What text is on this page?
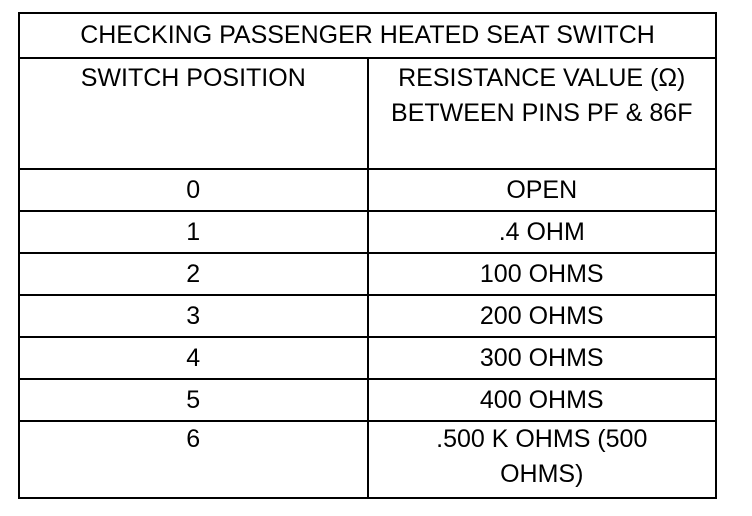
CHECKING PASSENGER HEATED SEAT SWITCH	
SWITCH POSITION	RESISTANCE VALUE (Ω) BETWEEN PINS PF & 86F
0	OPEN
1	.4 OHM
2	100 OHMS
3	200 OHMS
4	300 OHMS
5	400 OHMS
6	.500 K OHMS (500 OHMS)
